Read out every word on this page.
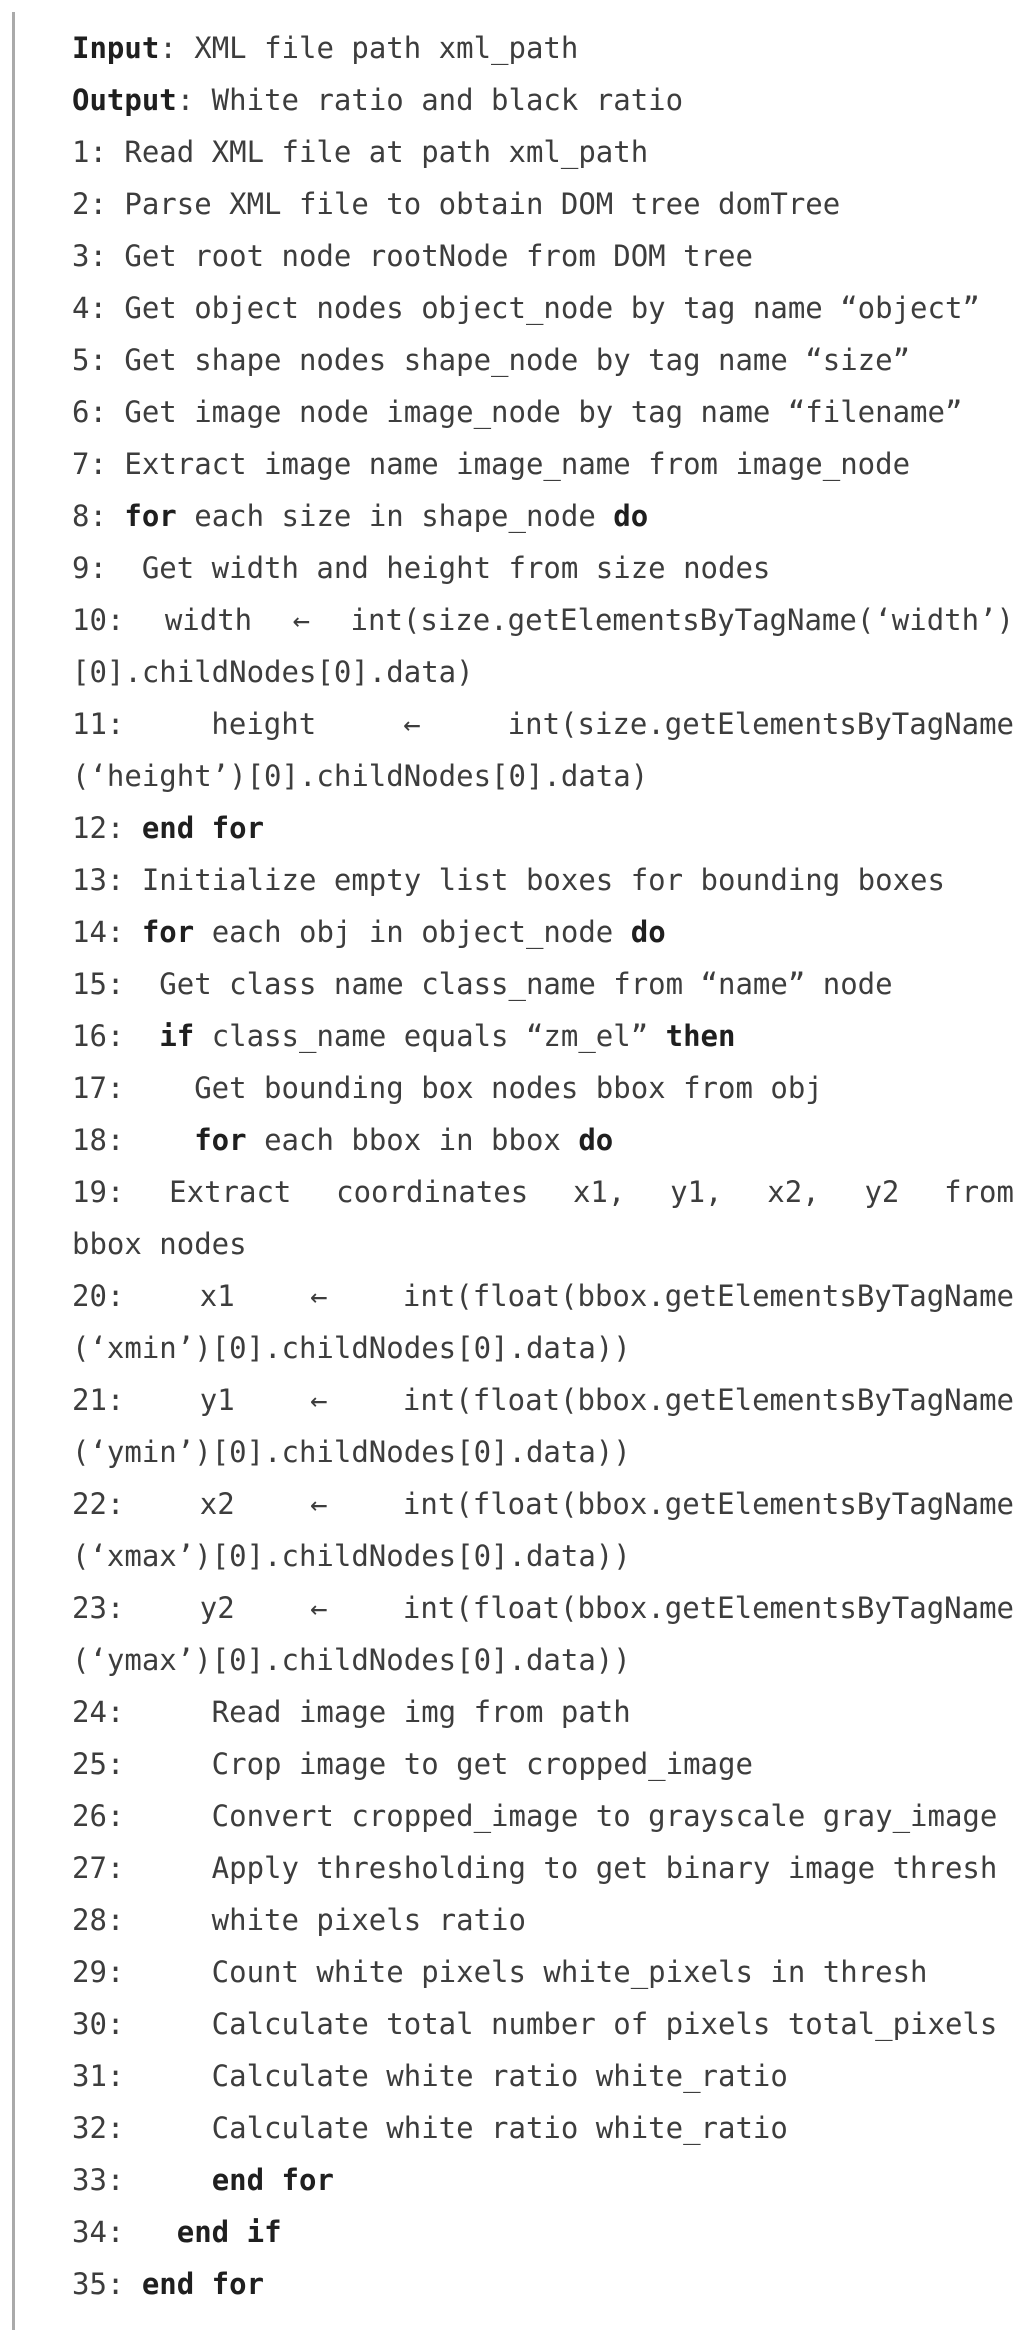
Input: XML file path xml_path
Output: White ratio and black ratio
1: Read XML file at path xml_path
2: Parse XML file to obtain DOM tree domTree
3: Get root node rootNode from DOM tree
4: Get object nodes object_node by tag name “object”
5: Get shape nodes shape_node by tag name “size”
6: Get image node image_node by tag name “filename”
7: Extract image name image_name from image_node
8: for each size in shape_node do
9:  Get width and height from size nodes
10: width ← int(size.getElementsByTagName(‘width’)
[0].childNodes[0].data)
11:	height	←	int(size.getElementsByTagName
(‘height’)[0].childNodes[0].data)
12: end for
13: Initialize empty list boxes for bounding boxes
14: for each obj in object_node do
15:  Get class name class_name from “name” node
16:  if class_name equals “zm_el” then
17:    Get bounding box nodes bbox from obj
18:    for each bbox in bbox do
19: Extract coordinates x1, y1, x2, y2 from
bbox nodes
20:	x1	←	int(float(bbox.getElementsByTagName
(‘xmin’)[0].childNodes[0].data))
21:	y1	←	int(float(bbox.getElementsByTagName
(‘ymin’)[0].childNodes[0].data))
22:	x2	←	int(float(bbox.getElementsByTagName
(‘xmax’)[0].childNodes[0].data))
23:	y2	←	int(float(bbox.getElementsByTagName
(‘ymax’)[0].childNodes[0].data))
24:     Read image img from path
25:     Crop image to get cropped_image
26:     Convert cropped_image to grayscale gray_image
27:     Apply thresholding to get binary image thresh
28:     white pixels ratio
29:     Count white pixels white_pixels in thresh
30:     Calculate total number of pixels total_pixels
31:     Calculate white ratio white_ratio
32:     Calculate white ratio white_ratio
33:     end for
34:   end if
35: end for
